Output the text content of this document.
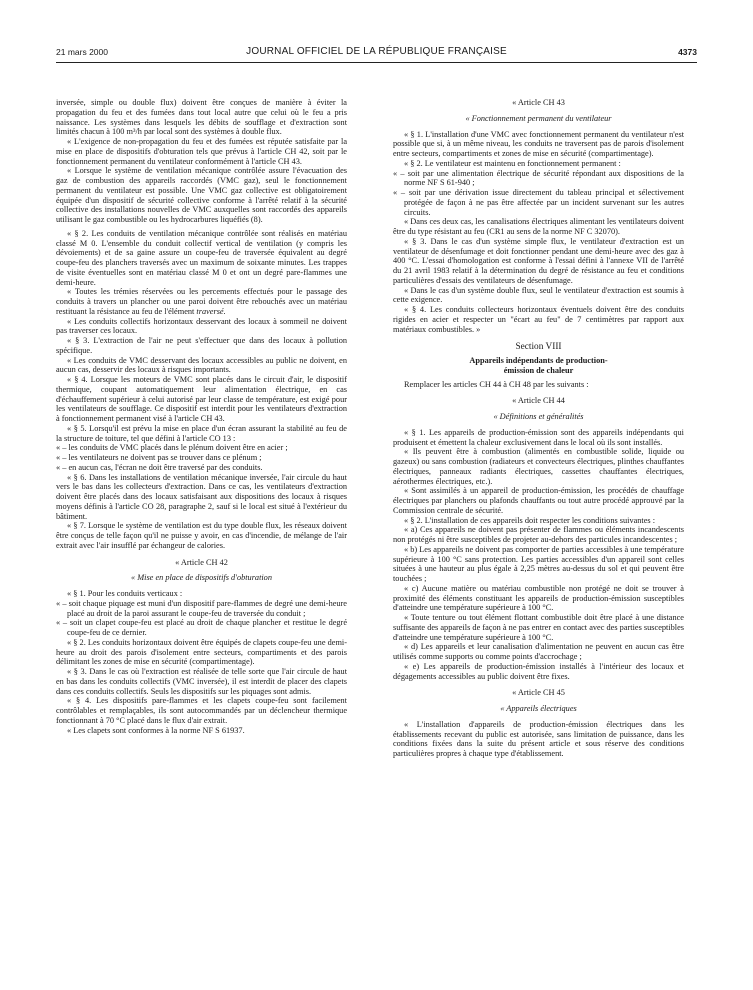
21 mars 2000	JOURNAL OFFICIEL DE LA RÉPUBLIQUE FRANÇAISE	4373

inversée, simple ou double flux) doivent être conçues de manière à éviter la propagation du feu et des fumées dans tout local autre que celui où le feu a pris naissance. Les systèmes dans lesquels les débits de soufflage et d'extraction sont limités chacun à 100 m³/h par local sont des systèmes à double flux.

« L'exigence de non-propagation du feu et des fumées est réputée satisfaite par la mise en place de dispositifs d'obturation tels que prévus à l'article CH 42, soit par le fonctionnement permanent du ventilateur conformément à l'article CH 43.

« Lorsque le système de ventilation mécanique contrôlée assure l'évacuation des gaz de combustion des appareils raccordés (VMC gaz), seul le fonctionnement permanent du ventilateur est possible. Une VMC gaz collective est obligatoirement équipée d'un dispositif de sécurité collective conforme à l'arrêté relatif à la sécurité collective des installations nouvelles de VMC auxquelles sont raccordés des appareils utilisant le gaz combustible ou les hydrocarbures liquéfiés (8).

« § 2. Les conduits de ventilation mécanique contrôlée sont réalisés en matériau classé M 0. L'ensemble du conduit collectif vertical de ventilation (y compris les dévoiements) et de sa gaine assure un coupe-feu de traversée équivalent au degré coupe-feu des planchers traversés avec un maximum de soixante minutes. Les trappes de visite éventuelles sont en matériau classé M 0 et ont un degré pare-flammes une demi-heure.

« Toutes les trémies réservées ou les percements effectués pour le passage des conduits à travers un plancher ou une paroi doivent être rebouchés avec un matériau restituant la résistance au feu de l'élément traversé.

« Les conduits collectifs horizontaux desservant des locaux à sommeil ne doivent pas traverser ces locaux.

« § 3. L'extraction de l'air ne peut s'effectuer que dans des locaux à pollution spécifique.

« Les conduits de VMC desservant des locaux accessibles au public ne doivent, en aucun cas, desservir des locaux à risques importants.

« § 4. Lorsque les moteurs de VMC sont placés dans le circuit d'air, le dispositif thermique, coupant automatiquement leur alimentation électrique, en cas d'échauffement supérieur à celui autorisé par leur classe de température, est exigé pour les ventilateurs de soufflage. Ce dispositif est interdit pour les ventilateurs d'extraction à fonctionnement permanent visé à l'article CH 43.

« § 5. Lorsqu'il est prévu la mise en place d'un écran assurant la stabilité au feu de la structure de toiture, tel que défini à l'article CO 13 :

« – les conduits de VMC placés dans le plénum doivent être en acier ;

« – les ventilateurs ne doivent pas se trouver dans ce plénum ;

« – en aucun cas, l'écran ne doit être traversé par des conduits.

« § 6. Dans les installations de ventilation mécanique inversée, l'air circule du haut vers le bas dans les collecteurs d'extraction. Dans ce cas, les ventilateurs d'extraction doivent être placés dans des locaux satisfaisant aux dispositions des locaux à risques moyens définis à l'article CO 28, paragraphe 2, sauf si le local est situé à l'extérieur du bâtiment.

« § 7. Lorsque le système de ventilation est du type double flux, les réseaux doivent être conçus de telle façon qu'il ne puisse y avoir, en cas d'incendie, de mélange de l'air extrait avec l'air insufflé par échangeur de calories.

« Article CH 42

« Mise en place de dispositifs d'obturation

« § 1. Pour les conduits verticaux :

« – soit chaque piquage est muni d'un dispositif pare-flammes de degré une demi-heure placé au droit de la paroi assurant le coupe-feu de traversée du conduit ;

« – soit un clapet coupe-feu est placé au droit de chaque plancher et restitue le degré coupe-feu de ce dernier.

« § 2. Les conduits horizontaux doivent être équipés de clapets coupe-feu une demi-heure au droit des parois d'isolement entre secteurs, compartiments et des parois délimitant les zones de mise en sécurité (compartimentage).

« § 3. Dans le cas où l'extraction est réalisée de telle sorte que l'air circule de haut en bas dans les conduits collectifs (VMC inversée), il est interdit de placer des clapets dans ces conduits collectifs. Seuls les dispositifs sur les piquages sont admis.

« § 4. Les dispositifs pare-flammes et les clapets coupe-feu sont facilement contrôlables et remplaçables, ils sont autocommandés par un déclencheur thermique fonctionnant à 70 °C placé dans le flux d'air extrait.

« Les clapets sont conformes à la norme NF S 61937.

« Article CH 43

« Fonctionnement permanent du ventilateur

« § 1. L'installation d'une VMC avec fonctionnement permanent du ventilateur n'est possible que si, à un même niveau, les conduits ne traversent pas de parois d'isolement entre secteurs, compartiments et zones de mise en sécurité (compartimentage).

« § 2. Le ventilateur est maintenu en fonctionnement permanent :

« – soit par une alimentation électrique de sécurité répondant aux dispositions de la norme NF S 61-940 ;

« – soit par une dérivation issue directement du tableau principal et sélectivement protégée de façon à ne pas être affectée par un incident survenant sur les autres circuits.

« Dans ces deux cas, les canalisations électriques alimentant les ventilateurs doivent être du type résistant au feu (CR1 au sens de la norme NF C 32070).

« § 3. Dans le cas d'un système simple flux, le ventilateur d'extraction est un ventilateur de désenfumage et doit fonctionner pendant une demi-heure avec des gaz à 400 °C. L'essai d'homologation est conforme à l'essai défini à l'annexe VII de l'arrêté du 21 avril 1983 relatif à la détermination du degré de résistance au feu et conditions particulières d'essais des ventilateurs de désenfumage.

« Dans le cas d'un système double flux, seul le ventilateur d'extraction est soumis à cette exigence.

« § 4. Les conduits collecteurs horizontaux éventuels doivent être des conduits rigides en acier et respecter un "écart au feu" de 7 centimètres par rapport aux matériaux combustibles. »

Section VIII

Appareils indépendants de production-

émission de chaleur

Remplacer les articles CH 44 à CH 48 par les suivants :

« Article CH 44

« Définitions et généralités

« § 1. Les appareils de production-émission sont des appareils indépendants qui produisent et émettent la chaleur exclusivement dans le local où ils sont installés.

« Ils peuvent être à combustion (alimentés en combustible solide, liquide ou gazeux) ou sans combustion (radiateurs et convecteurs électriques, plinthes chauffantes électriques, panneaux radiants électriques, cassettes chauffantes électriques, aérothermes électriques, etc.).

« Sont assimilés à un appareil de production-émission, les procédés de chauffage électriques par planchers ou plafonds chauffants ou tout autre procédé approuvé par la Commission centrale de sécurité.

« § 2. L'installation de ces appareils doit respecter les conditions suivantes :

« a) Ces appareils ne doivent pas présenter de flammes ou éléments incandescents non protégés ni être susceptibles de projeter au-dehors des particules incandescentes ;

« b) Les appareils ne doivent pas comporter de parties accessibles à une température supérieure à 100 °C sans protection. Les parties accessibles d'un appareil sont celles situées à une hauteur au plus égale à 2,25 mètres au-dessus du sol et qui peuvent être touchées ;

« c) Aucune matière ou matériau combustible non protégé ne doit se trouver à proximité des éléments constituant les appareils de production-émission susceptibles d'atteindre une température supérieure à 100 °C.

« Toute tenture ou tout élément flottant combustible doit être placé à une distance suffisante des appareils de façon à ne pas entrer en contact avec des parties susceptibles d'atteindre une température supérieure à 100 °C.

« d) Les appareils et leur canalisation d'alimentation ne peuvent en aucun cas être utilisés comme supports ou comme points d'accrochage ;

« e) Les appareils de production-émission installés à l'intérieur des locaux et dégagements accessibles au public doivent être fixes.

« Article CH 45

« Appareils électriques

« L'installation d'appareils de production-émission électriques dans les établissements recevant du public est autorisée, sans limitation de puissance, dans les conditions fixées dans la suite du présent article et sous réserve des conditions particulières propres à chaque type d'établissement.
